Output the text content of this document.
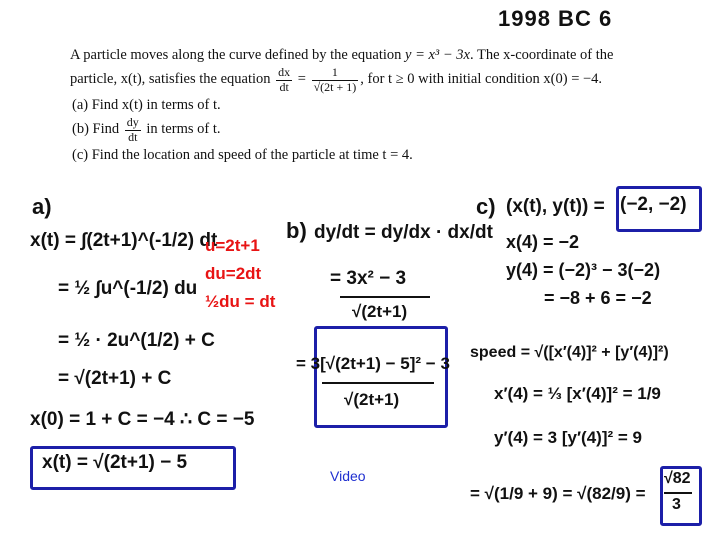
1998 BC 6

A particle moves along the curve defined by the equation y = x³ − 3x. The x-coordinate of the particle, x(t), satisfies the equation $\frac{dx}{dt} = \frac{1}{√(2t + 1)}$ , for t ≥ 0 with initial condition x(0) = −4.

(a) Find x(t) in terms of t.
(b) Find $\frac{dy}{dt}$ in terms of t.
(c) Find the location and speed of the particle at time t = 4.
a)
x(t) = ∫(2t+1)^(-1/2) dt
u=2t+1
du=2dt
½du = dt
= ½ ∫u^(-1/2) du
= ½ · 2u^(1/2) + C
= √(2t+1) + C
x(0) = 1 + C = −4 ∴ C = −5
x(t) = √(2t+1) − 5
b) dy/dt = dy/dx · dx/dt
= 3x² − 3
√(2t+1)
= 3[√(2t+1) − 5]² − 3
√(2t+1)
Video
c) (x(t), y(t)) = (−2, −2)
x(4) = −2
y(4) = (−2)³ − 3(−2)
= −8 + 6 = −2
speed = √([x′(4)]² + [y′(4)]²)
x′(4) = ⅓ [x′(4)]² = 1/9
y′(4) = 3 [y′(4)]² = 9
= √(1/9 + 9) = √(82/9) =
√82
3
